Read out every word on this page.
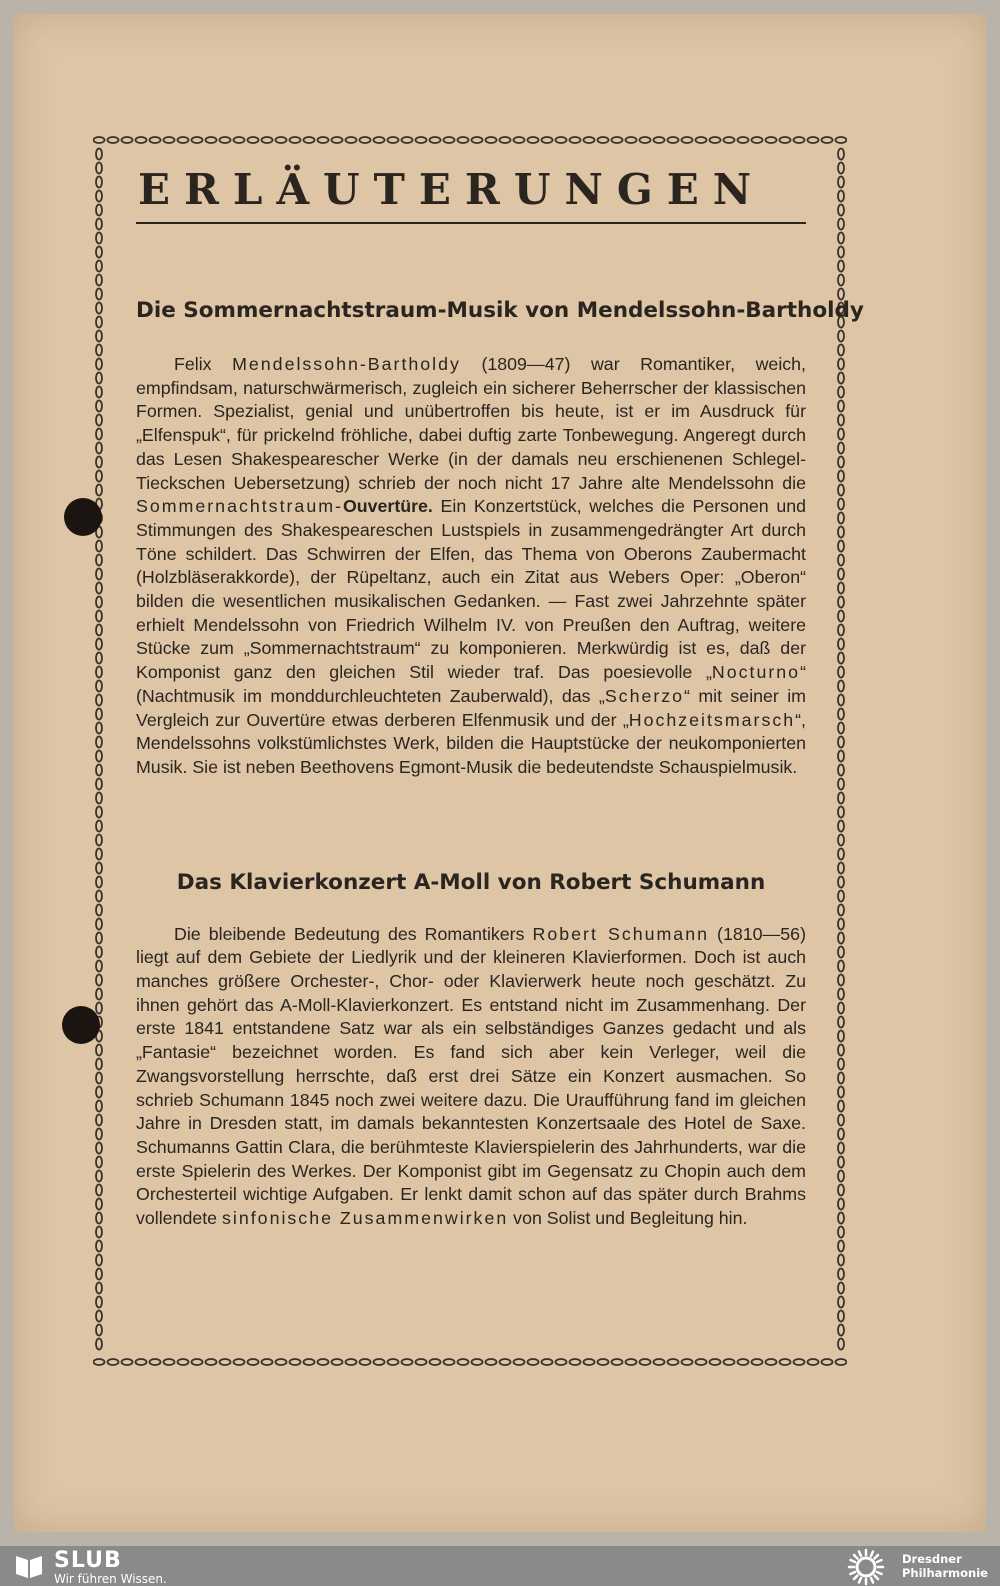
ERLÄUTERUNGEN
Die Sommernachtstraum-Musik von Mendelssohn-Bartholdy

Felix Mendelssohn-Bartholdy (1809—47) war Romantiker, weich, empfindsam, naturschwärmerisch, zugleich ein sicherer Beherrscher der klassischen Formen. Spezialist, genial und unübertroffen bis heute, ist er im Ausdruck für „Elfenspuk“, für prickelnd fröhliche, dabei duftig zarte Tonbewegung. Angeregt durch das Lesen Shakespearescher Werke (in der damals neu erschienenen Schlegel-Tieckschen Uebersetzung) schrieb der noch nicht 17 Jahre alte Mendelssohn die Sommernachtstraum-Ouvertüre. Ein Konzertstück, welches die Personen und Stimmungen des Shakespeareschen Lustspiels in zusammengedrängter Art durch Töne schildert. Das Schwirren der Elfen, das Thema von Oberons Zaubermacht (Holzbläserakkorde), der Rüpeltanz, auch ein Zitat aus Webers Oper: „Oberon“ bilden die wesentlichen musikalischen Gedanken. — Fast zwei Jahrzehnte später erhielt Mendelssohn von Friedrich Wilhelm IV. von Preußen den Auftrag, weitere Stücke zum „Sommernachtstraum“ zu komponieren. Merkwürdig ist es, daß der Komponist ganz den gleichen Stil wieder traf. Das poesievolle „Nocturno“ (Nachtmusik im monddurchleuchteten Zauberwald), das „Scherzo“ mit seiner im Vergleich zur Ouvertüre etwas derberen Elfenmusik und der „Hochzeitsmarsch“, Mendelssohns volkstümlichstes Werk, bilden die Hauptstücke der neukomponierten Musik. Sie ist neben Beethovens Egmont-Musik die bedeutendste Schauspielmusik.

Das Klavierkonzert A-Moll von Robert Schumann

Die bleibende Bedeutung des Romantikers Robert Schumann (1810—56) liegt auf dem Gebiete der Liedlyrik und der kleineren Klavierformen. Doch ist auch manches größere Orchester-, Chor- oder Klavierwerk heute noch geschätzt. Zu ihnen gehört das A-Moll-Klavierkonzert. Es entstand nicht im Zusammenhang. Der erste 1841 entstandene Satz war als ein selbständiges Ganzes gedacht und als „Fantasie“ bezeichnet worden. Es fand sich aber kein Verleger, weil die Zwangsvorstellung herrschte, daß erst drei Sätze ein Konzert ausmachen. So schrieb Schumann 1845 noch zwei weitere dazu. Die Uraufführung fand im gleichen Jahre in Dresden statt, im damals bekanntesten Konzertsaale des Hotel de Saxe. Schumanns Gattin Clara, die berühmteste Klavierspielerin des Jahrhunderts, war die erste Spielerin des Werkes. Der Komponist gibt im Gegensatz zu Chopin auch dem Orchesterteil wichtige Aufgaben. Er lenkt damit schon auf das später durch Brahms vollendete sinfonische Zusammenwirken von Solist und Begleitung hin.

SLUB
Wir führen Wissen.
Dresdner
Philharmonie
